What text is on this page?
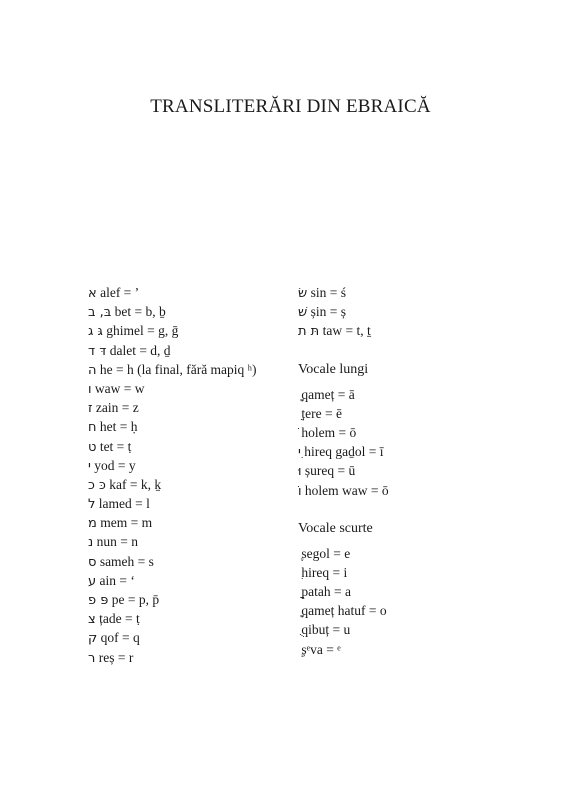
TRANSLITERĂRI DIN EBRAICĂ
א alef = ’
בּ, ב bet = b, ḇ
גּ ג ghimel = g, ḡ
דּ ד dalet = d, ḏ
ה he = h (la final, fără mapiq ʰ)
ו waw = w
ז zain = z
ח het = ḥ
ט tet = ṭ
י yod = y
כּ כ kaf = k, ḵ
ל lamed = l
מ mem = m
נ nun = n
ס sameh = s
ע ain = ‘
פּ פ pe = p, p̄
צ țade = ṭ
ק qof = q
ר reș = r
שׂ sin = ś
שׁ șin = ș
תּ ת taw = t, ṯ
Vocale lungi
qameț = ā
țere = ē
holem = ō
ִי hireq gaḏol = ī
וּ șureq = ū
וֹ holem waw = ō
Vocale scurte
segol = e
hireq = i
patah = a
qameț hatuf = o
qibuț = u
șᵉva = ᵉ
